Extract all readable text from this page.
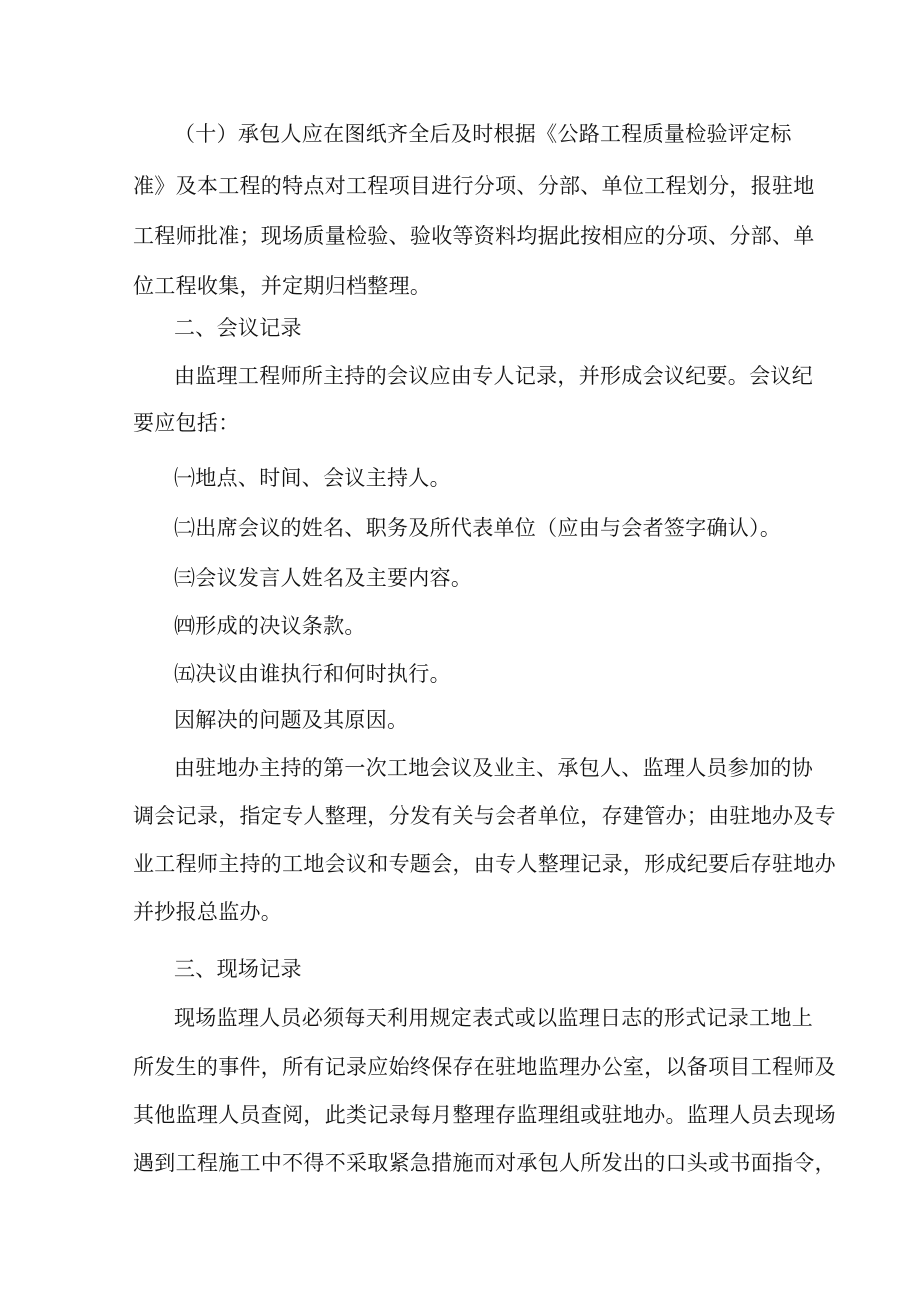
（十）承包人应在图纸齐全后及时根据《公路工程质量检验评定标
准》及本工程的特点对工程项目进行分项、分部、单位工程划分，报驻地
工程师批准；现场质量检验、验收等资料均据此按相应的分项、分部、单
位工程收集，并定期归档整理。
二、会议记录
由监理工程师所主持的会议应由专人记录，并形成会议纪要。会议纪
要应包括：
㈠地点、时间、会议主持人。
㈡出席会议的姓名、职务及所代表单位（应由与会者签字确认）。
㈢会议发言人姓名及主要内容。
㈣形成的决议条款。
㈤决议由谁执行和何时执行。
因解决的问题及其原因。
由驻地办主持的第一次工地会议及业主、承包人、监理人员参加的协
调会记录，指定专人整理，分发有关与会者单位，存建管办；由驻地办及专
业工程师主持的工地会议和专题会，由专人整理记录，形成纪要后存驻地办
并抄报总监办。
三、现场记录
现场监理人员必须每天利用规定表式或以监理日志的形式记录工地上
所发生的事件，所有记录应始终保存在驻地监理办公室，以备项目工程师及
其他监理人员查阅，此类记录每月整理存监理组或驻地办。监理人员去现场
遇到工程施工中不得不采取紧急措施而对承包人所发出的口头或书面指令，
